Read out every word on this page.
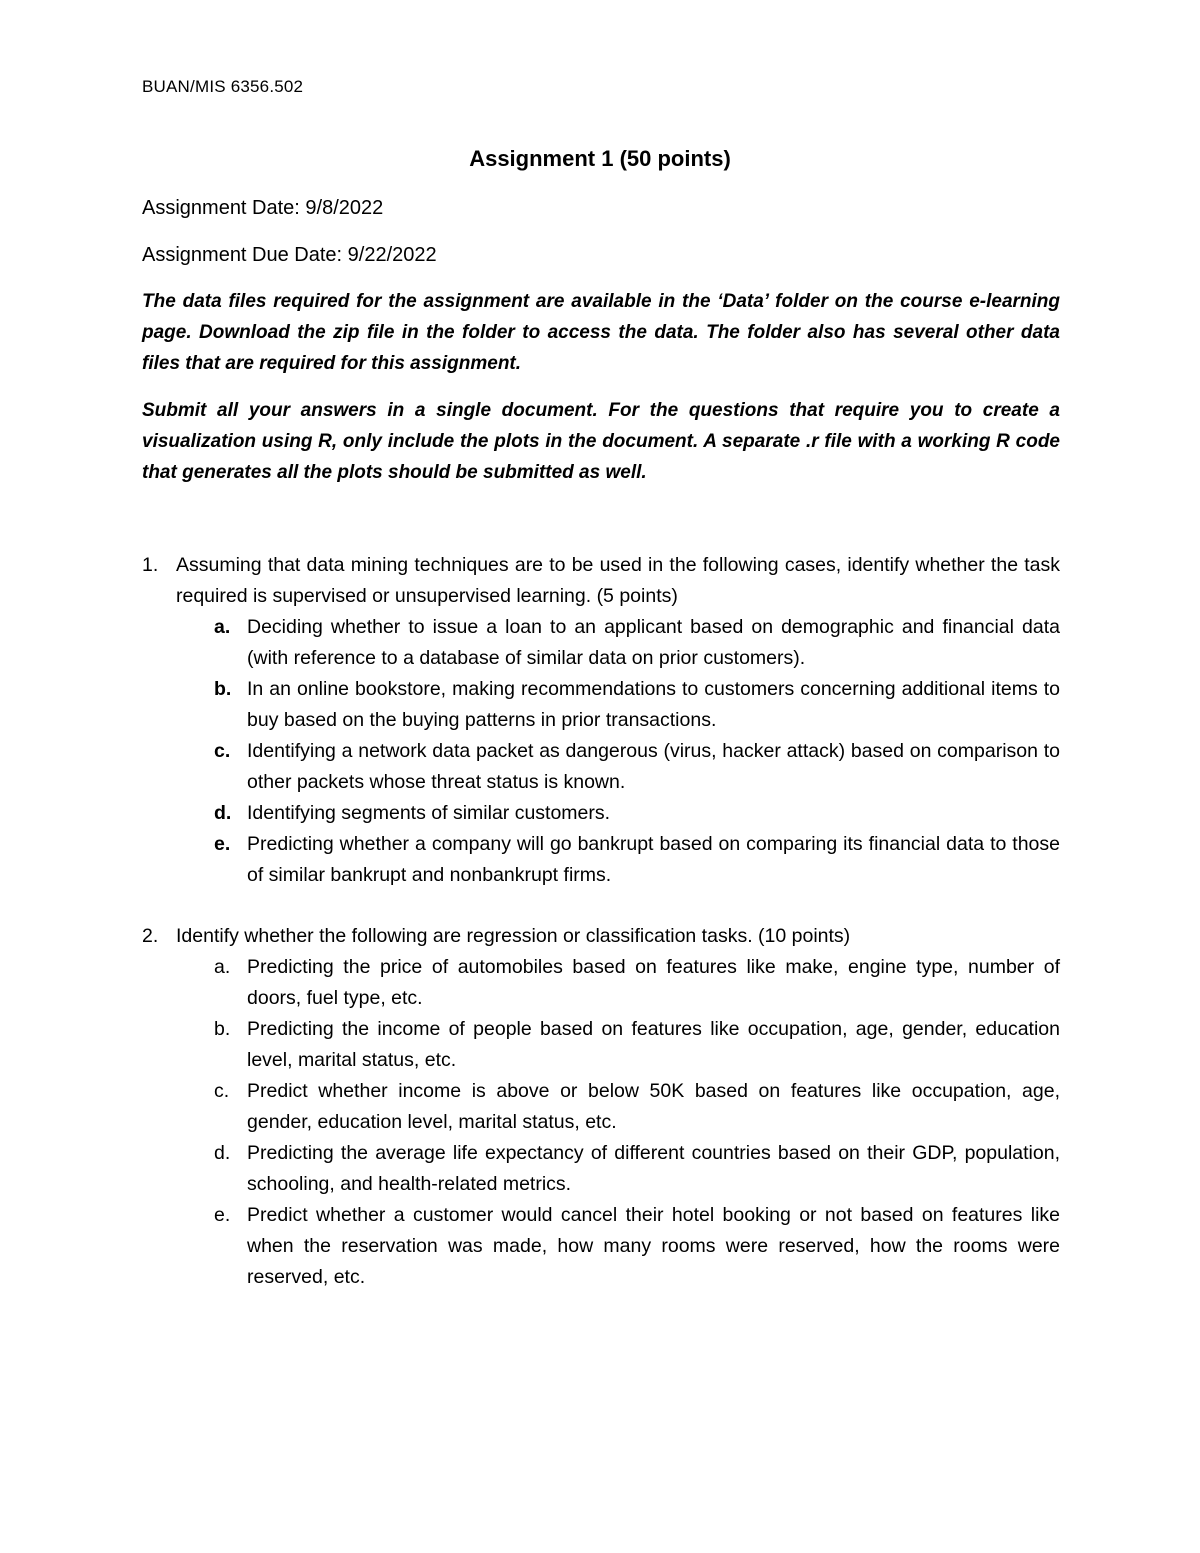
BUAN/MIS 6356.502
Assignment 1 (50 points)
Assignment Date: 9/8/2022
Assignment Due Date: 9/22/2022
The data files required for the assignment are available in the ‘Data’ folder on the course e-learning page. Download the zip file in the folder to access the data. The folder also has several other data files that are required for this assignment.
Submit all your answers in a single document. For the questions that require you to create a visualization using R, only include the plots in the document. A separate .r file with a working R code that generates all the plots should be submitted as well.
1. Assuming that data mining techniques are to be used in the following cases, identify whether the task required is supervised or unsupervised learning. (5 points)
a. Deciding whether to issue a loan to an applicant based on demographic and financial data (with reference to a database of similar data on prior customers).
b. In an online bookstore, making recommendations to customers concerning additional items to buy based on the buying patterns in prior transactions.
c. Identifying a network data packet as dangerous (virus, hacker attack) based on comparison to other packets whose threat status is known.
d. Identifying segments of similar customers.
e. Predicting whether a company will go bankrupt based on comparing its financial data to those of similar bankrupt and nonbankrupt firms.
2. Identify whether the following are regression or classification tasks. (10 points)
a. Predicting the price of automobiles based on features like make, engine type, number of doors, fuel type, etc.
b. Predicting the income of people based on features like occupation, age, gender, education level, marital status, etc.
c. Predict whether income is above or below 50K based on features like occupation, age, gender, education level, marital status, etc.
d. Predicting the average life expectancy of different countries based on their GDP, population, schooling, and health-related metrics.
e. Predict whether a customer would cancel their hotel booking or not based on features like when the reservation was made, how many rooms were reserved, how the rooms were reserved, etc.
